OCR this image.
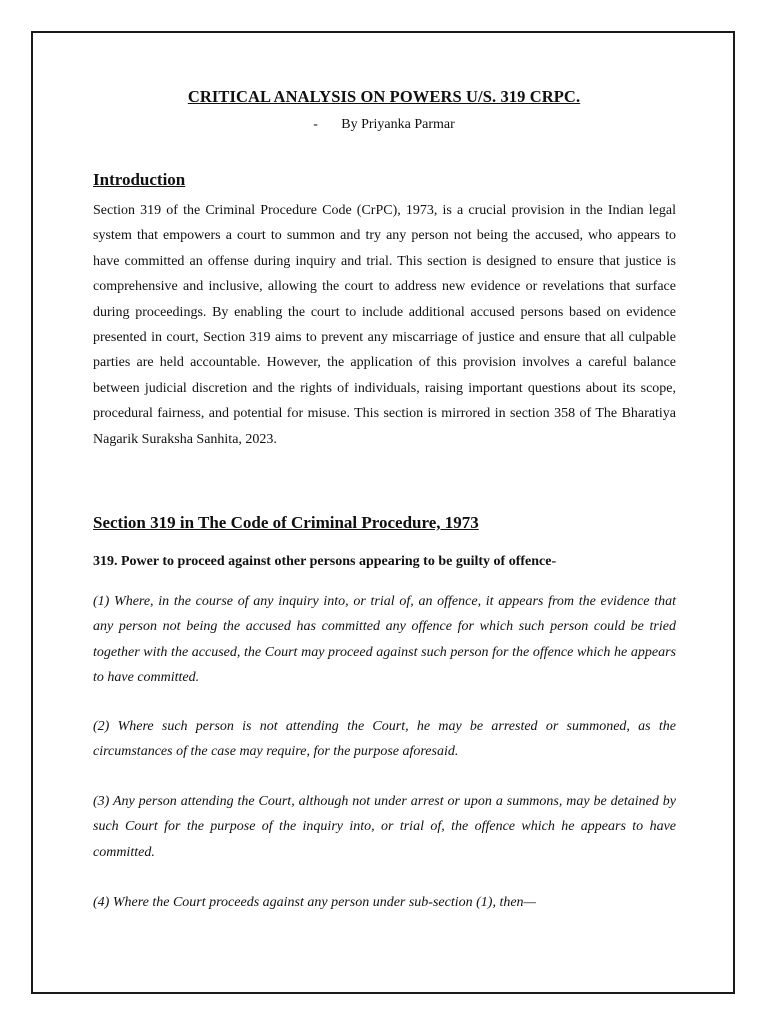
CRITICAL ANALYSIS ON POWERS U/S. 319 CRPC.

- By Priyanka Parmar

Introduction

Section 319 of the Criminal Procedure Code (CrPC), 1973, is a crucial provision in the Indian legal system that empowers a court to summon and try any person not being the accused, who appears to have committed an offense during inquiry and trial. This section is designed to ensure that justice is comprehensive and inclusive, allowing the court to address new evidence or revelations that surface during proceedings. By enabling the court to include additional accused persons based on evidence presented in court, Section 319 aims to prevent any miscarriage of justice and ensure that all culpable parties are held accountable. However, the application of this provision involves a careful balance between judicial discretion and the rights of individuals, raising important questions about its scope, procedural fairness, and potential for misuse. This section is mirrored in section 358 of The Bharatiya Nagarik Suraksha Sanhita, 2023.

Section 319 in The Code of Criminal Procedure, 1973

319. Power to proceed against other persons appearing to be guilty of offence-

(1) Where, in the course of any inquiry into, or trial of, an offence, it appears from the evidence that any person not being the accused has committed any offence for which such person could be tried together with the accused, the Court may proceed against such person for the offence which he appears to have committed.

(2) Where such person is not attending the Court, he may be arrested or summoned, as the circumstances of the case may require, for the purpose aforesaid.

(3) Any person attending the Court, although not under arrest or upon a summons, may be detained by such Court for the purpose of the inquiry into, or trial of, the offence which he appears to have committed.

(4) Where the Court proceeds against any person under sub-section (1), then—
